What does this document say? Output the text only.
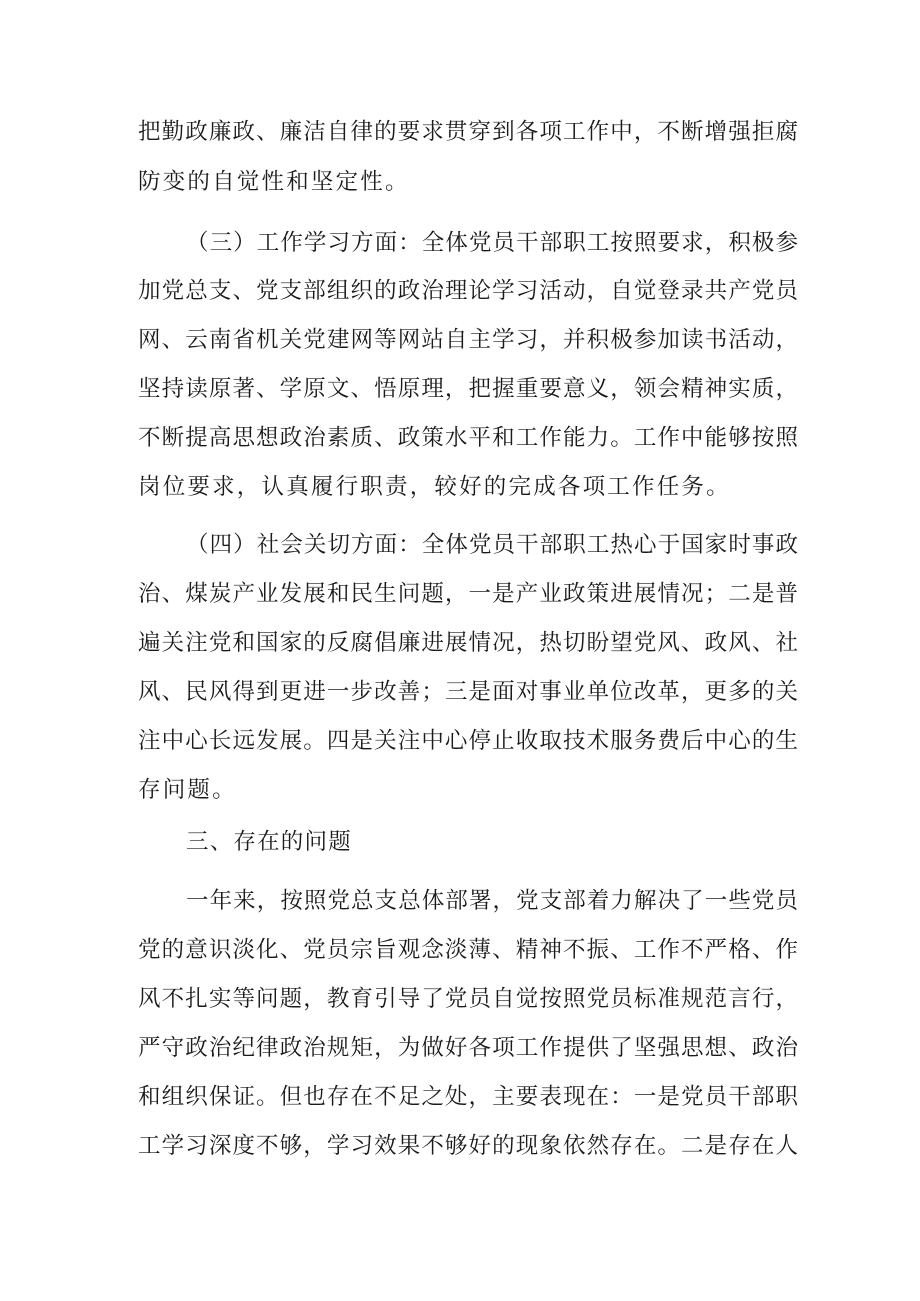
把勤政廉政、廉洁自律的要求贯穿到各项工作中，不断增强拒腐
防变的自觉性和坚定性。
（三）工作学习方面：全体党员干部职工按照要求，积极参
加党总支、党支部组织的政治理论学习活动，自觉登录共产党员
网、云南省机关党建网等网站自主学习，并积极参加读书活动，
坚持读原著、学原文、悟原理，把握重要意义，领会精神实质，
不断提高思想政治素质、政策水平和工作能力。工作中能够按照
岗位要求，认真履行职责，较好的完成各项工作任务。
（四）社会关切方面：全体党员干部职工热心于国家时事政
治、煤炭产业发展和民生问题，一是产业政策进展情况；二是普
遍关注党和国家的反腐倡廉进展情况，热切盼望党风、政风、社
风、民风得到更进一步改善；三是面对事业单位改革，更多的关
注中心长远发展。四是关注中心停止收取技术服务费后中心的生
存问题。
三、存在的问题
一年来，按照党总支总体部署，党支部着力解决了一些党员
党的意识淡化、党员宗旨观念淡薄、精神不振、工作不严格、作
风不扎实等问题，教育引导了党员自觉按照党员标准规范言行，
严守政治纪律政治规矩，为做好各项工作提供了坚强思想、政治
和组织保证。但也存在不足之处，主要表现在：一是党员干部职
工学习深度不够，学习效果不够好的现象依然存在。二是存在人
